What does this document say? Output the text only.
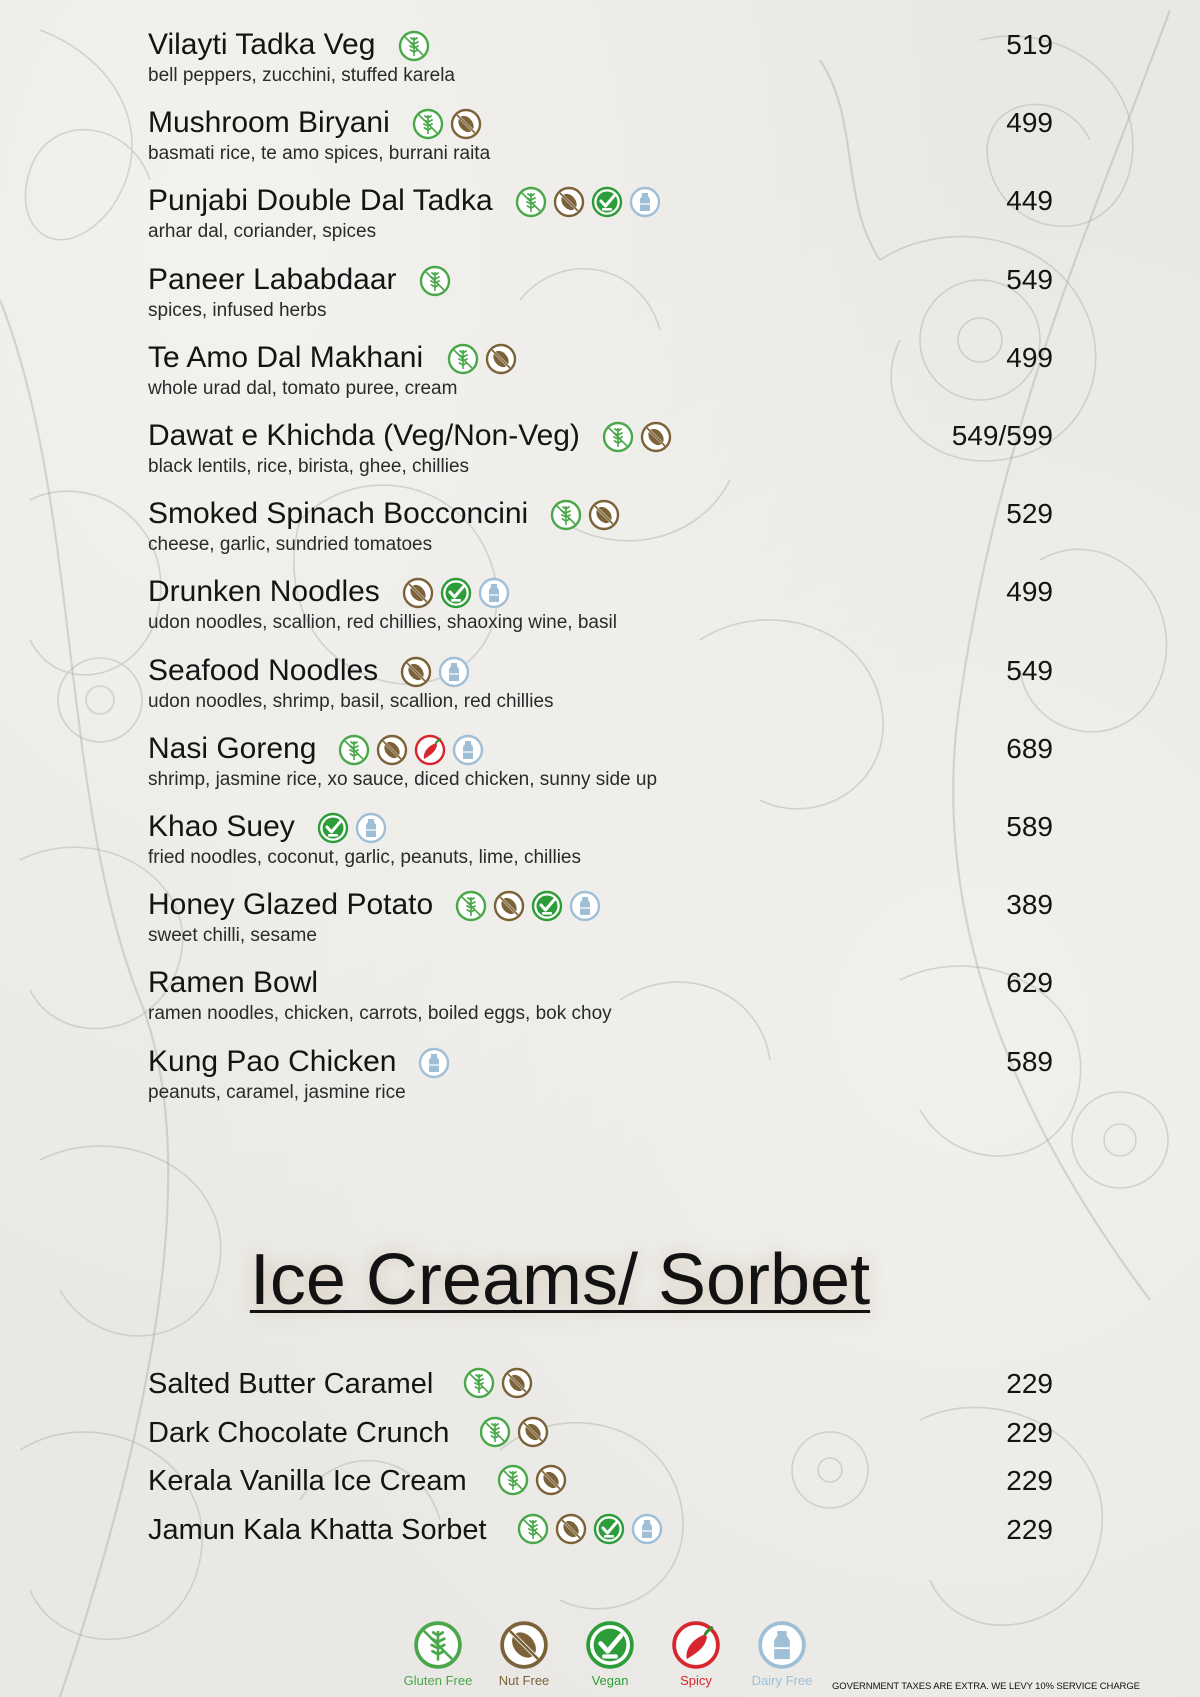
Vilayti Tadka Veg
bell peppers, zucchini, stuffed karela
519
Mushroom Biryani
basmati rice, te amo spices, burrani raita
499
Punjabi Double Dal Tadka
arhar dal, coriander, spices
449
Paneer Lababdaar
spices, infused herbs
549
Te Amo Dal Makhani
whole urad dal, tomato puree, cream
499
Dawat e Khichda (Veg/Non-Veg)
black lentils, rice, birista, ghee, chillies
549/599
Smoked Spinach Bocconcini
cheese, garlic, sundried tomatoes
529
Drunken Noodles
udon noodles, scallion, red chillies, shaoxing wine, basil
499
Seafood Noodles
udon noodles, shrimp, basil, scallion, red chillies
549
Nasi Goreng
shrimp, jasmine rice, xo sauce, diced chicken, sunny side up
689
Khao Suey
fried noodles, coconut, garlic, peanuts, lime, chillies
589
Honey Glazed Potato
sweet chilli, sesame
389
Ramen Bowl
ramen noodles, chicken, carrots, boiled eggs, bok choy
629
Kung Pao Chicken
peanuts, caramel, jasmine rice
589
Ice Creams/ Sorbet
Salted Butter Caramel	229
Dark Chocolate Crunch	229
Kerala Vanilla Ice Cream	229
Jamun Kala Khatta Sorbet	229
Gluten Free Nut Free	Vegan	Spicy	Dairy Free GOVERNMENT TAXES ARE EXTRA. WE LEVY 10% SERVICE CHARGE
